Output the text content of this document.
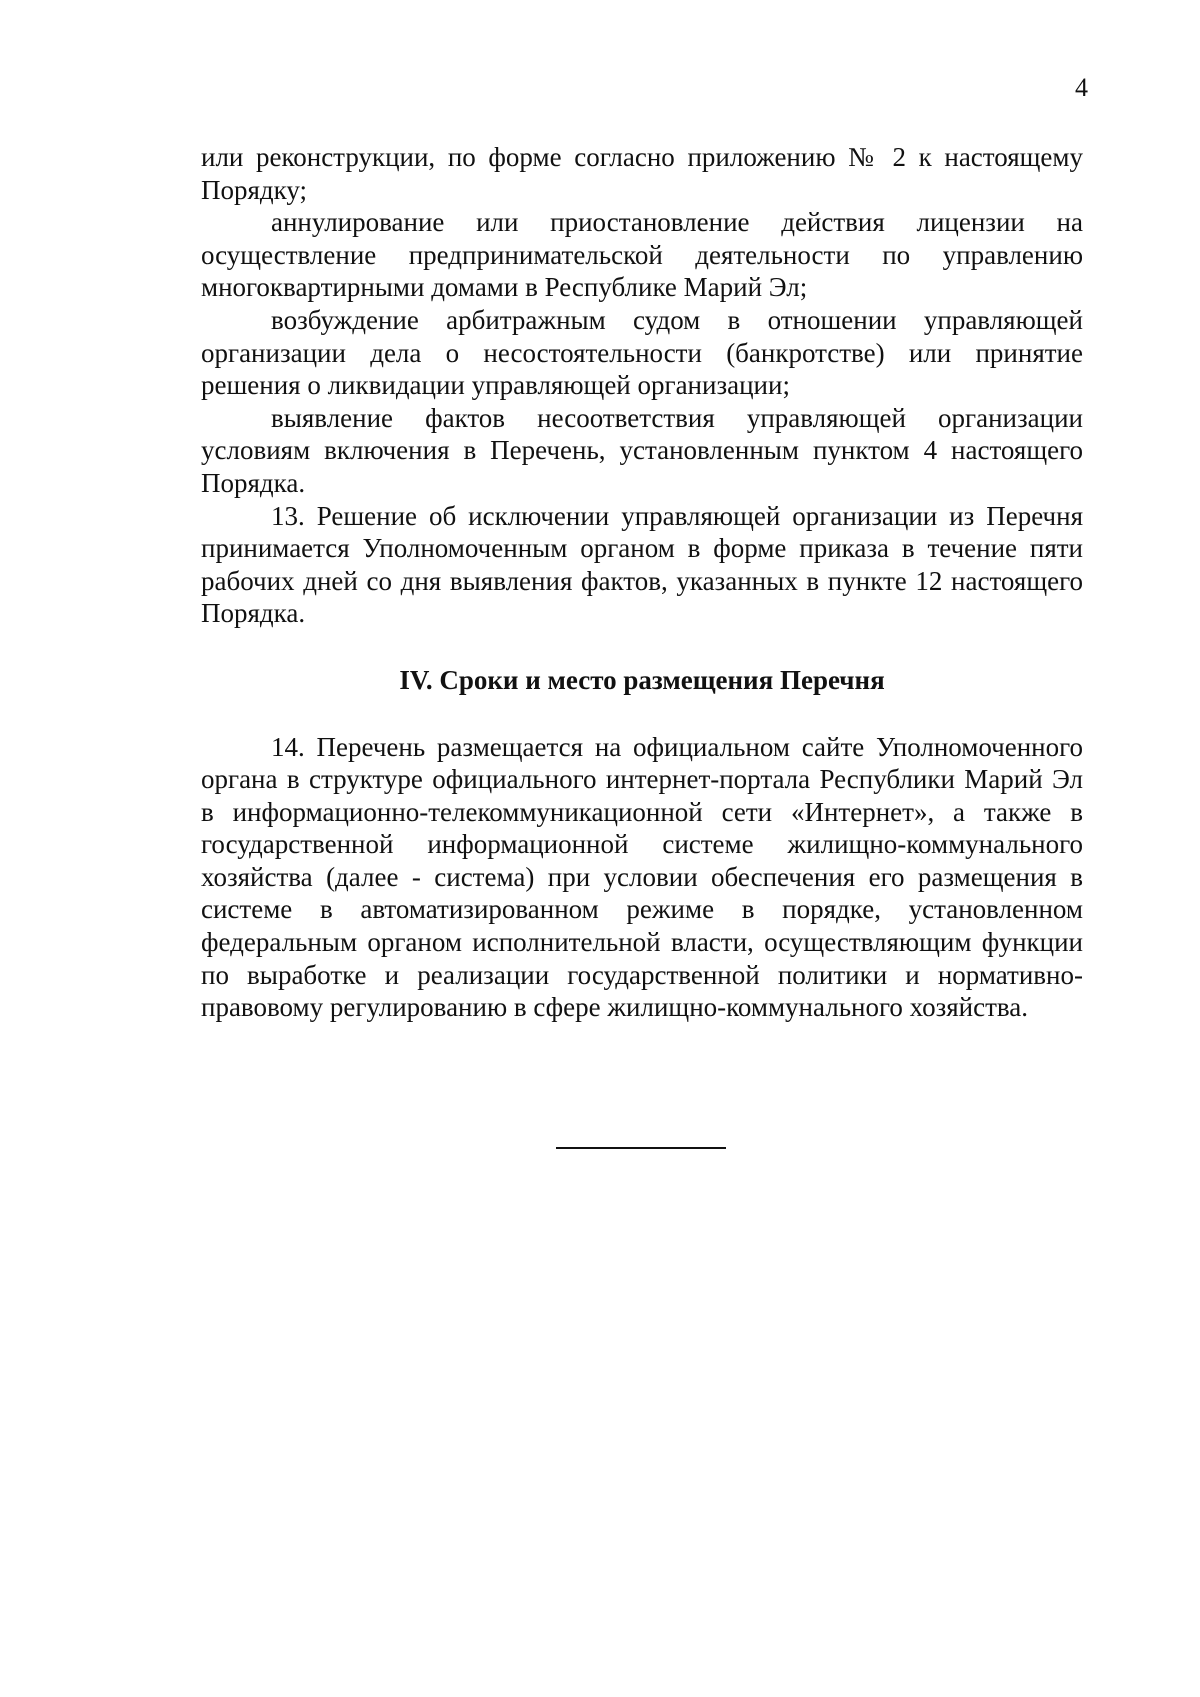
4

или реконструкции, по форме согласно приложению № 2 к настоящему Порядку;

аннулирование или приостановление действия лицензии на осуществление предпринимательской деятельности по управлению многоквартирными домами в Республике Марий Эл;

возбуждение арбитражным судом в отношении управляющей организации дела о несостоятельности (банкротстве) или принятие решения о ликвидации управляющей организации;

выявление фактов несоответствия управляющей организации условиям включения в Перечень, установленным пунктом 4 настоящего Порядка.

13. Решение об исключении управляющей организации из Перечня принимается Уполномоченным органом в форме приказа в течение пяти рабочих дней со дня выявления фактов, указанных в пункте 12 настоящего Порядка.

IV. Сроки и место размещения Перечня

14. Перечень размещается на официальном сайте Уполномоченного органа в структуре официального интернет-портала Республики Марий Эл в информационно-телекоммуникационной сети «Интернет», а также в государственной информационной системе жилищно-коммунального хозяйства (далее - система) при условии обеспечения его размещения в системе в автоматизированном режиме в порядке, установленном федеральным органом исполнительной власти, осуществляющим функции по выработке и реализации государственной политики и нормативно-правовому регулированию в сфере жилищно-коммунального хозяйства.
